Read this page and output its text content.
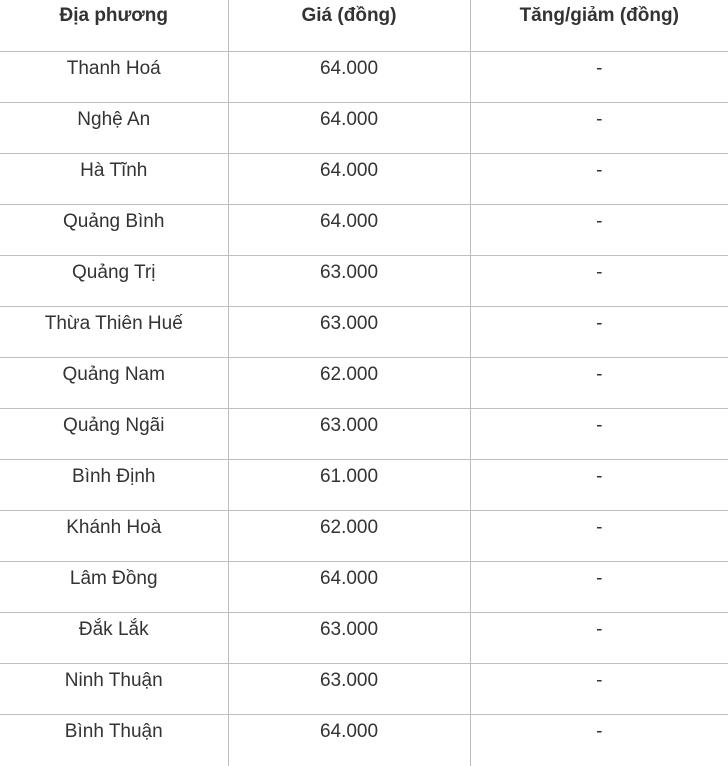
Địa phương	Giá (đồng)	Tăng/giảm (đồng)
Thanh Hoá	64.000	-
Nghệ An	64.000	-
Hà Tĩnh	64.000	-
Quảng Bình	64.000	-
Quảng Trị	63.000	-
Thừa Thiên Huế	63.000	-
Quảng Nam	62.000	-
Quảng Ngãi	63.000	-
Bình Định	61.000	-
Khánh Hoà	62.000	-
Lâm Đồng	64.000	-
Đắk Lắk	63.000	-
Ninh Thuận	63.000	-
Bình Thuận	64.000	-
